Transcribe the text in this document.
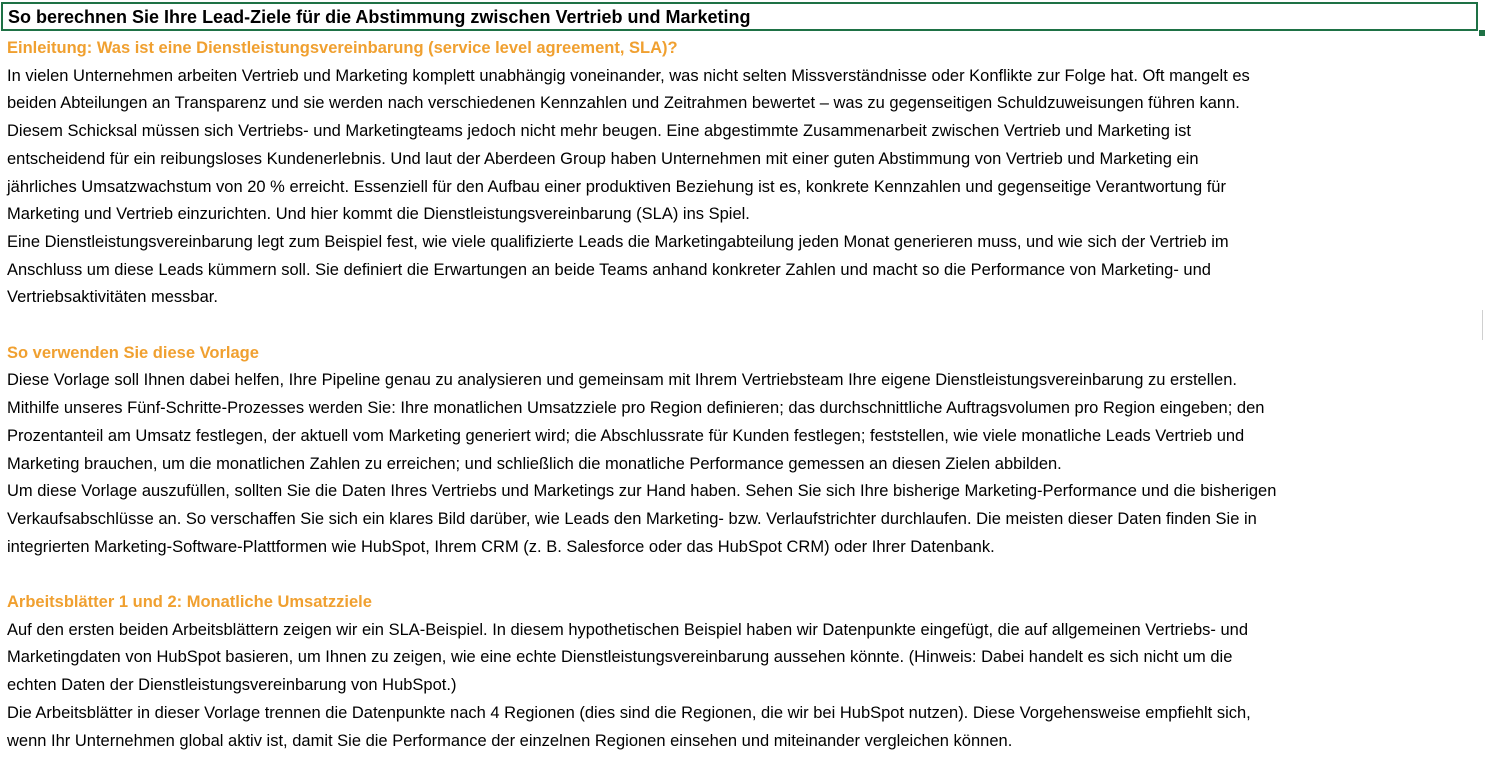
So berechnen Sie Ihre Lead-Ziele für die Abstimmung zwischen Vertrieb und Marketing
Einleitung: Was ist eine Dienstleistungsvereinbarung (service level agreement, SLA)?
In vielen Unternehmen arbeiten Vertrieb und Marketing komplett unabhängig voneinander, was nicht selten Missverständnisse oder Konflikte zur Folge hat. Oft mangelt es
beiden Abteilungen an Transparenz und sie werden nach verschiedenen Kennzahlen und Zeitrahmen bewertet – was zu gegenseitigen Schuldzuweisungen führen kann.
Diesem Schicksal müssen sich Vertriebs- und Marketingteams jedoch nicht mehr beugen. Eine abgestimmte Zusammenarbeit zwischen Vertrieb und Marketing ist
entscheidend für ein reibungsloses Kundenerlebnis. Und laut der Aberdeen Group haben Unternehmen mit einer guten Abstimmung von Vertrieb und Marketing ein
jährliches Umsatzwachstum von 20 % erreicht. Essenziell für den Aufbau einer produktiven Beziehung ist es, konkrete Kennzahlen und gegenseitige Verantwortung für
Marketing und Vertrieb einzurichten. Und hier kommt die Dienstleistungsvereinbarung (SLA) ins Spiel.
Eine Dienstleistungsvereinbarung legt zum Beispiel fest, wie viele qualifizierte Leads die Marketingabteilung jeden Monat generieren muss, und wie sich der Vertrieb im
Anschluss um diese Leads kümmern soll. Sie definiert die Erwartungen an beide Teams anhand konkreter Zahlen und macht so die Performance von Marketing- und
Vertriebsaktivitäten messbar.
So verwenden Sie diese Vorlage
Diese Vorlage soll Ihnen dabei helfen, Ihre Pipeline genau zu analysieren und gemeinsam mit Ihrem Vertriebsteam Ihre eigene Dienstleistungsvereinbarung zu erstellen.
Mithilfe unseres Fünf-Schritte-Prozesses werden Sie: Ihre monatlichen Umsatzziele pro Region definieren; das durchschnittliche Auftragsvolumen pro Region eingeben; den
Prozentanteil am Umsatz festlegen, der aktuell vom Marketing generiert wird; die Abschlussrate für Kunden festlegen; feststellen, wie viele monatliche Leads Vertrieb und
Marketing brauchen, um die monatlichen Zahlen zu erreichen; und schließlich die monatliche Performance gemessen an diesen Zielen abbilden.
Um diese Vorlage auszufüllen, sollten Sie die Daten Ihres Vertriebs und Marketings zur Hand haben. Sehen Sie sich Ihre bisherige Marketing-Performance und die bisherigen
Verkaufsabschlüsse an. So verschaffen Sie sich ein klares Bild darüber, wie Leads den Marketing- bzw. Verlaufstrichter durchlaufen. Die meisten dieser Daten finden Sie in
integrierten Marketing-Software-Plattformen wie HubSpot, Ihrem CRM (z. B. Salesforce oder das HubSpot CRM) oder Ihrer Datenbank.
Arbeitsblätter 1 und 2: Monatliche Umsatzziele
Auf den ersten beiden Arbeitsblättern zeigen wir ein SLA-Beispiel. In diesem hypothetischen Beispiel haben wir Datenpunkte eingefügt, die auf allgemeinen Vertriebs- und
Marketingdaten von HubSpot basieren, um Ihnen zu zeigen, wie eine echte Dienstleistungsvereinbarung aussehen könnte. (Hinweis: Dabei handelt es sich nicht um die
echten Daten der Dienstleistungsvereinbarung von HubSpot.)
Die Arbeitsblätter in dieser Vorlage trennen die Datenpunkte nach 4 Regionen (dies sind die Regionen, die wir bei HubSpot nutzen). Diese Vorgehensweise empfiehlt sich,
wenn Ihr Unternehmen global aktiv ist, damit Sie die Performance der einzelnen Regionen einsehen und miteinander vergleichen können.
